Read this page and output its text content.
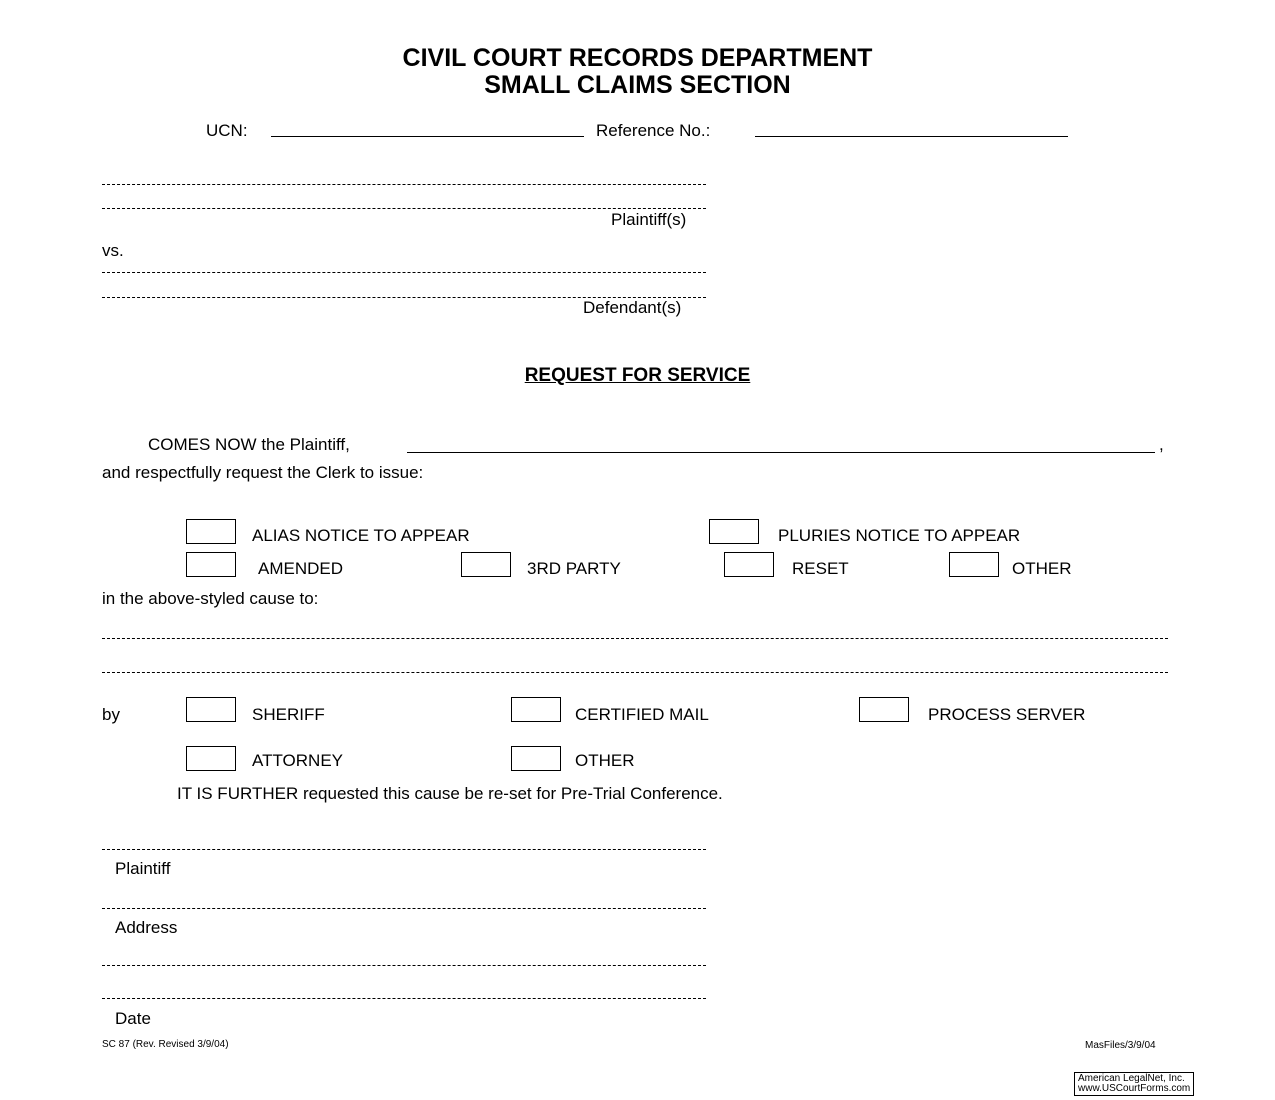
CIVIL COURT RECORDS DEPARTMENT
SMALL CLAIMS SECTION
UCN:	Reference No.:
Plaintiff(s)
vs.
Defendant(s)
REQUEST FOR SERVICE
COMES NOW the Plaintiff,	,
and respectfully request the Clerk to issue:
ALIAS NOTICE TO APPEAR	PLURIES NOTICE TO APPEAR
AMENDED	3RD PARTY	RESET	OTHER
in the above-styled cause to:
by	SHERIFF	CERTIFIED MAIL	PROCESS SERVER
ATTORNEY	OTHER
IT IS FURTHER requested this cause be re-set for Pre-Trial Conference.
Plaintiff
Address
Date
SC 87 (Rev. Revised 3/9/04)	MasFiles/3/9/04
American LegalNet, Inc.
www.USCourtForms.com
